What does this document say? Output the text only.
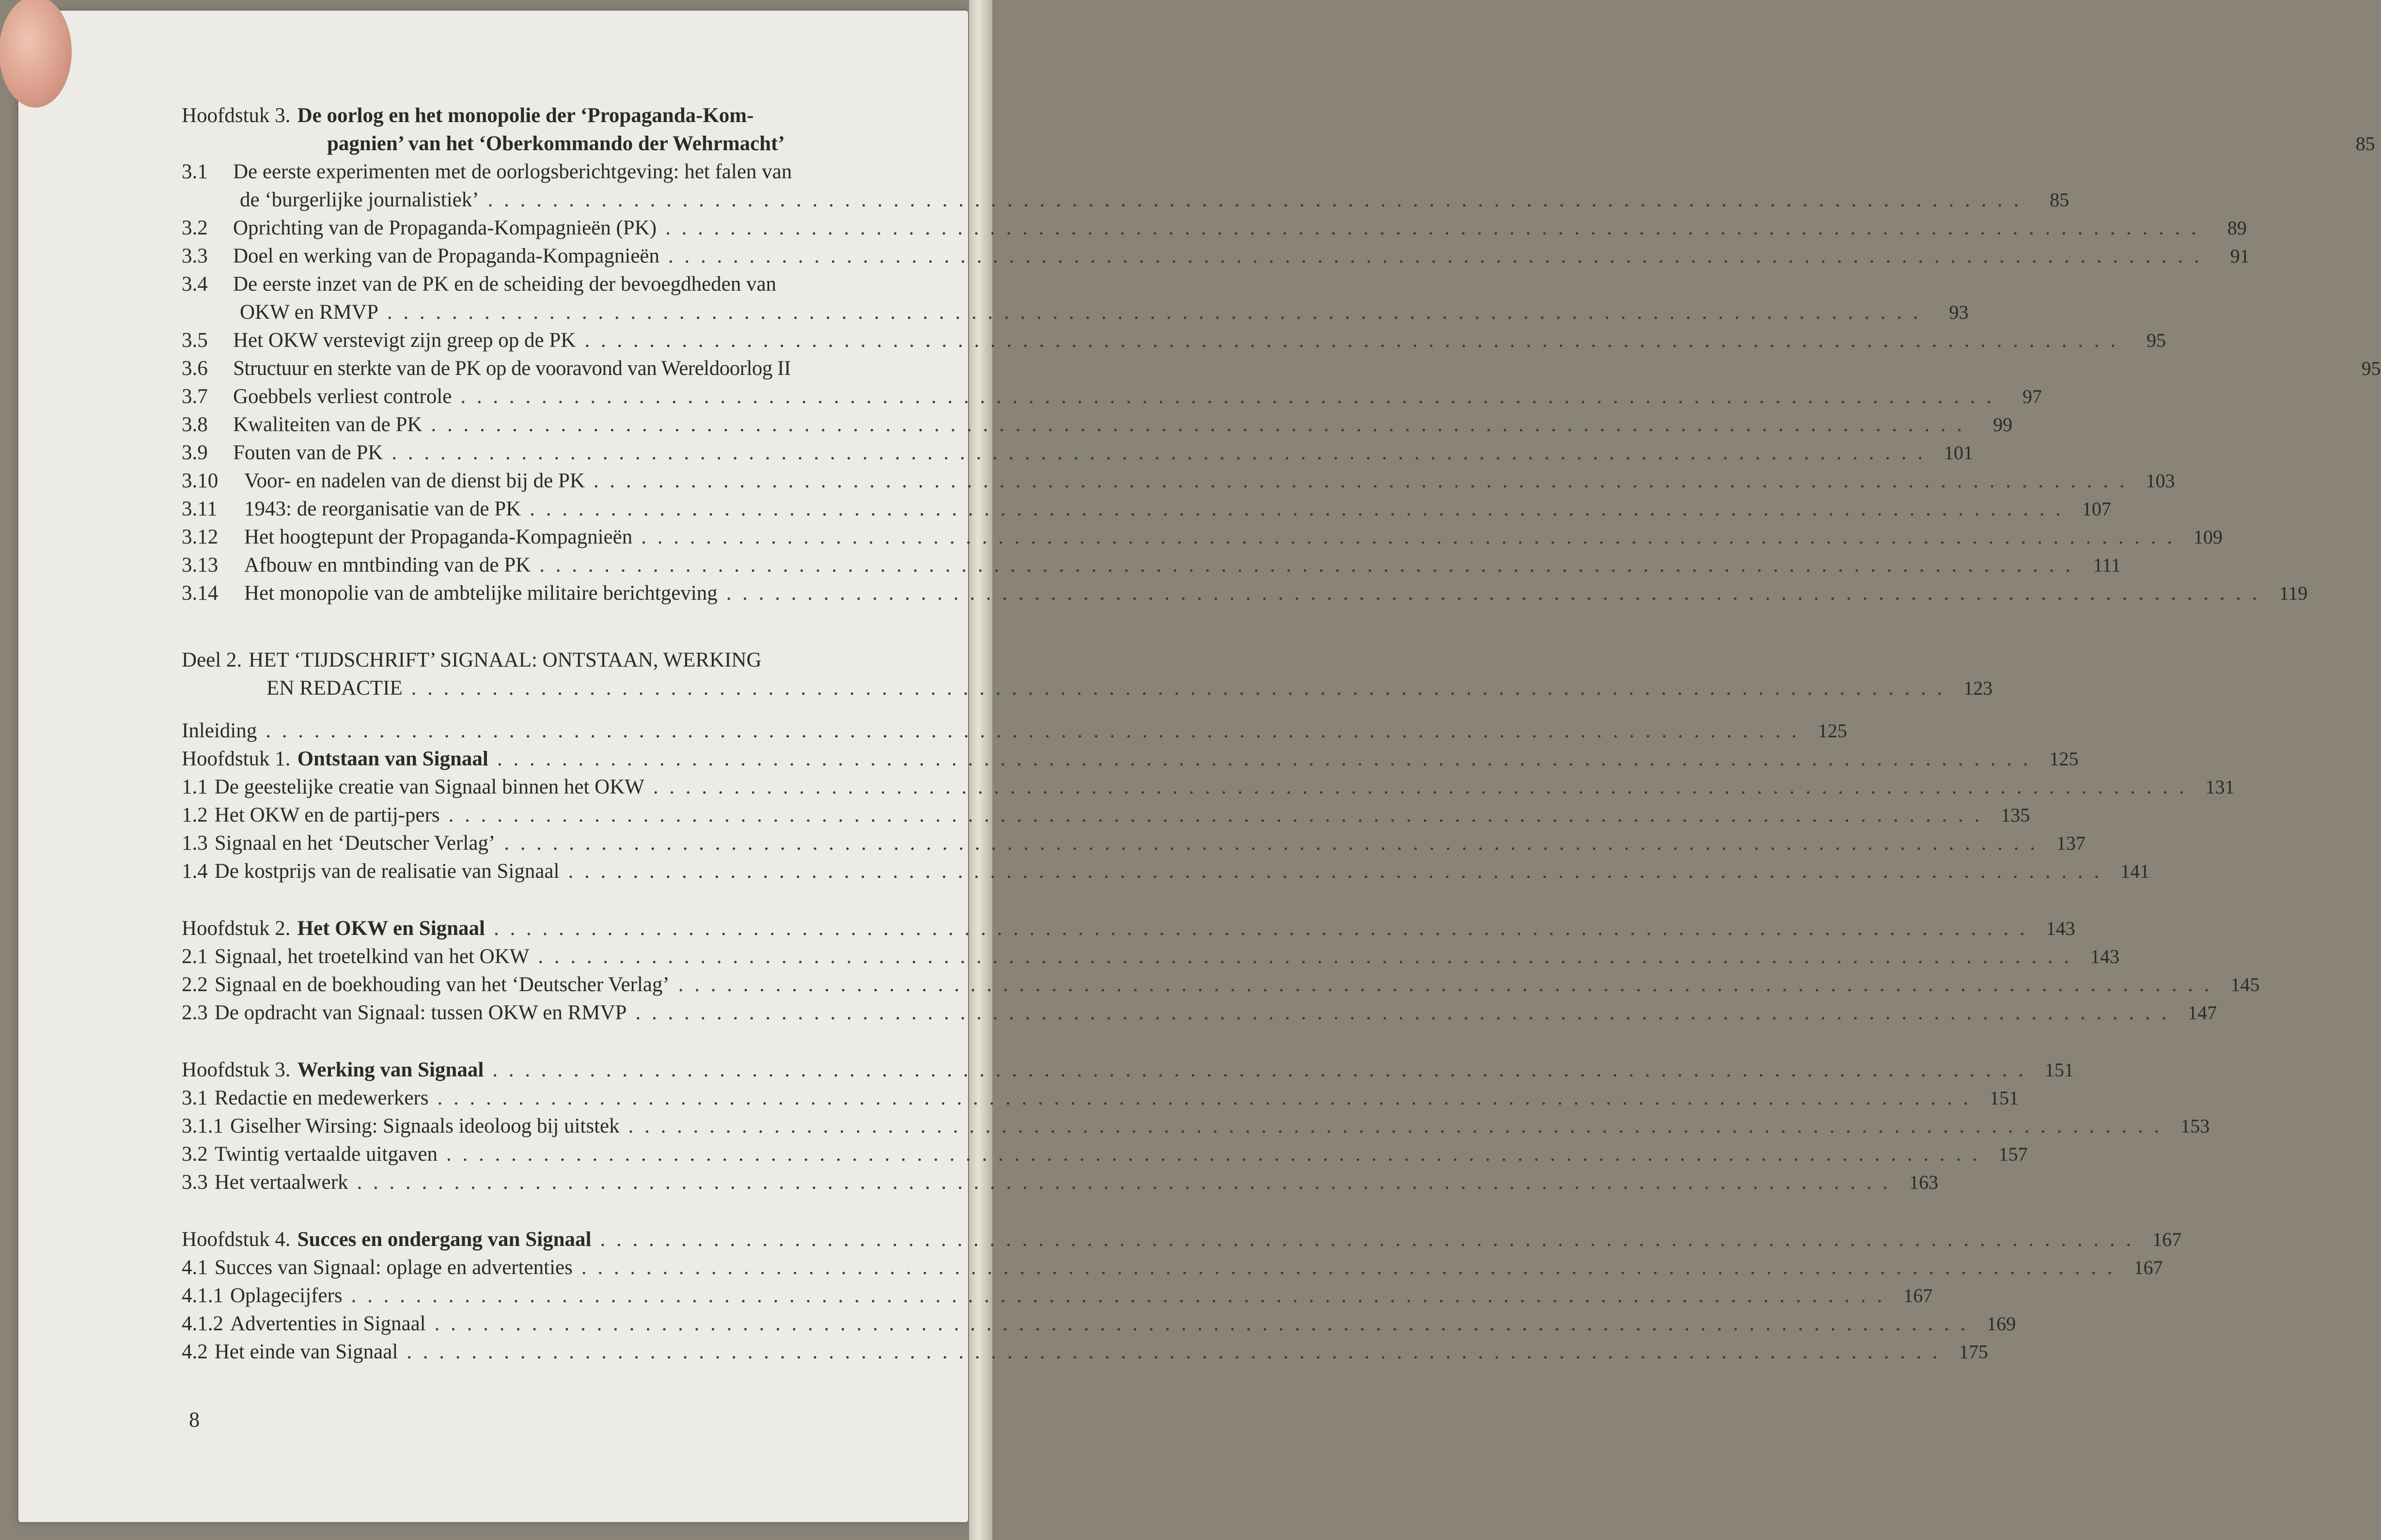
Hoofdstuk 3. De oorlog en het monopolie der ‘Propaganda-Kom-
pagnien’ van het ‘Oberkommando der Wehrmacht’	85
3.1	De eerste experimenten met de oorlogsberichtgeving: het falen van
de ‘burgerlijke journalistiek’ . . .	85
3.2	Oprichting van de Propaganda-Kompagnieën (PK) . . .	89
3.3	Doel en werking van de Propaganda-Kompagnieën . . .	91
3.4	De eerste inzet van de PK en de scheiding der bevoegdheden van
OKW en RMVP . . .	93
3.5	Het OKW verstevigt zijn greep op de PK . . .	95
3.6	Structuur en sterkte van de PK op de vooravond van Wereldoorlog II	95
3.7	Goebbels verliest controle . . .	97
3.8	Kwaliteiten van de PK . . .	99
3.9	Fouten van de PK . . .	101
3.10	Voor- en nadelen van de dienst bij de PK . . .	103
3.11	1943: de reorganisatie van de PK . . .	107
3.12	Het hoogtepunt der Propaganda-Kompagnieën . . .	109
3.13	Afbouw en mntbinding van de PK . . .	111
3.14	Het monopolie van de ambtelijke militaire berichtgeving . . .	119
Deel 2. HET ‘TIJDSCHRIFT’ SIGNAAL: ONTSTAAN, WERKING
EN REDACTIE . . .	123
Inleiding . . .	125
Hoofdstuk 1. Ontstaan van Signaal . . .	125
1.1 De geestelijke creatie van Signaal binnen het OKW . . .	131
1.2 Het OKW en de partij-pers . . .	135
1.3 Signaal en het ‘Deutscher Verlag’ . . .	137
1.4 De kostprijs van de realisatie van Signaal . . .	141
Hoofdstuk 2. Het OKW en Signaal . . .	143
2.1 Signaal, het troetelkind van het OKW . . .	143
2.2 Signaal en de boekhouding van het ‘Deutscher Verlag’ . . .	145
2.3 De opdracht van Signaal: tussen OKW en RMVP . . .	147
Hoofdstuk 3. Werking van Signaal . . .	151
3.1 Redactie en medewerkers . . .	151
3.1.1 Giselher Wirsing: Signaals ideoloog bij uitstek . . .	153
3.2 Twintig vertaalde uitgaven . . .	157
3.3 Het vertaalwerk . . .	163
Hoofdstuk 4. Succes en ondergang van Signaal . . .	167
4.1 Succes van Signaal: oplage en advertenties . . .	167
4.1.1 Oplagecijfers . . .	167
4.1.2 Advertenties in Signaal . . .	169
4.2 Het einde van Signaal . . .	175
8
